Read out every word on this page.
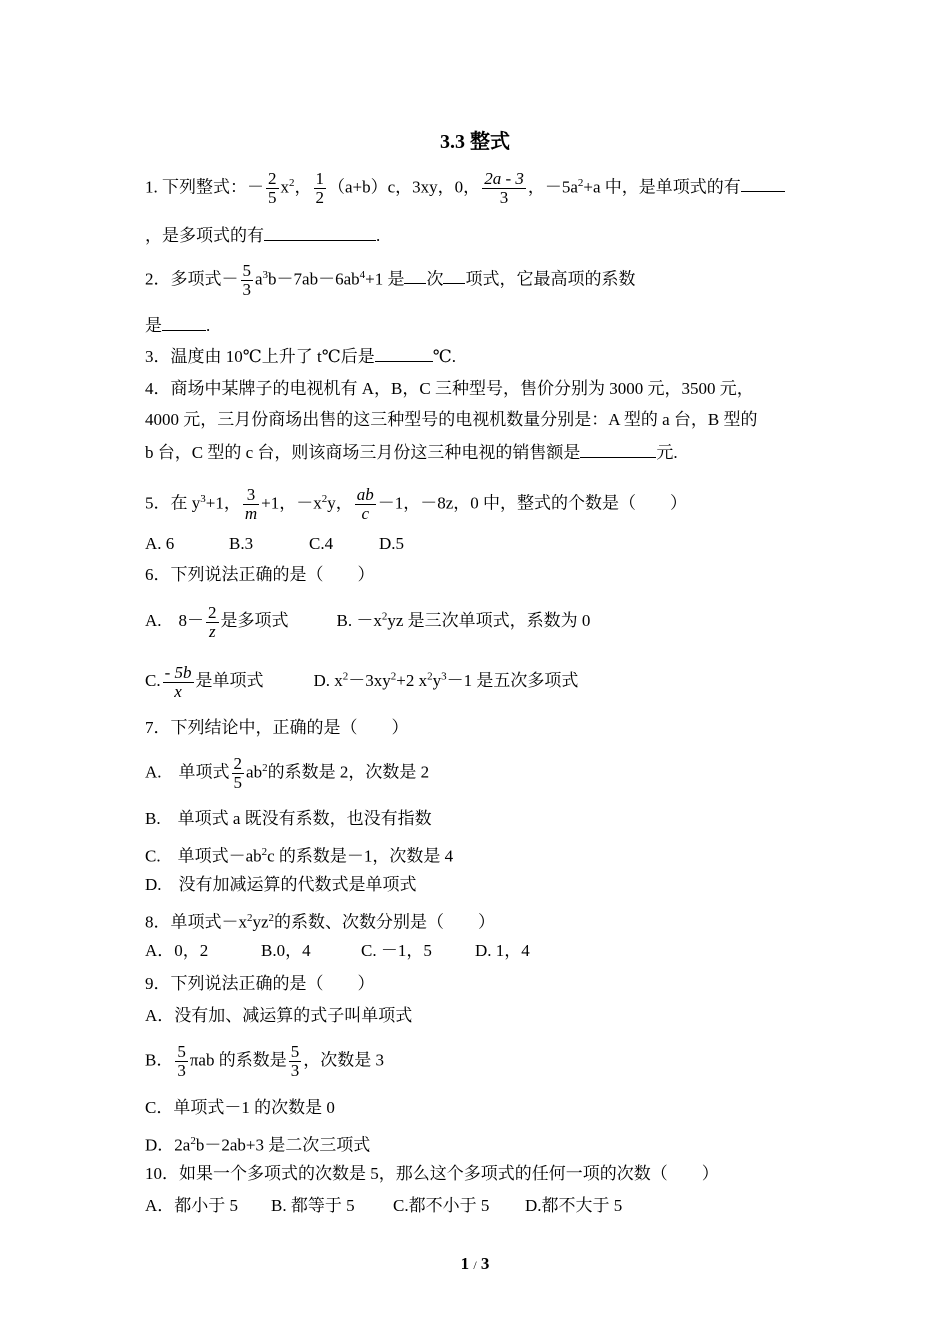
3.3 整式
1. 下列整式：－ $\frac{2}{5} x^2$， $\frac{1}{2} (a+b)c$，3xy，0， $\frac{2a - 3}{3}$ ，$-5a^2+a$ 中，是单项式的有
，是多项式的有	.
2．多项式－ $\frac{5}{3} a^3b-7ab-6ab^4+1$ 是 次 项式，它最高项的系数
是	.
3．温度由 10℃上升了 t℃后是	℃.
4．商场中某牌子的电视机有 A，B，C 三种型号，售价分别为 3000 元，3500 元，
4000 元，三月份商场出售的这三种型号的电视机数量分别是：A 型的 a 台，B 型的
b 台，C 型的 c 台，则该商场三月份这三种电视的销售额是	元.
5．在 $y^3+1$， $\frac{3}{m} +1$，$-x^2y$， $\frac{ab}{c} -1$，－8z，0 中，整式的个数是（　　）
A. 6	B.3	C.4	D.5
6．下列说法正确的是（　　）
A.　$8- \frac{2}{z}$ 是多项式	B. $-x^2yz$ 是三次单项式，系数为 0
C. $\frac{- 5b}{x}$ 是单项式	D. $x^2-3xy^2+2$ $x^2y^3-1$ 是五次多项式
7．下列结论中，正确的是（　　）
A.　单项式 $\frac{2}{5} ab^2$的系数是 2，次数是 2
B.　单项式 a 既没有系数，也没有指数
C.　单项式$-ab^2c$ 的系数是－1，次数是 4
D.　没有加减运算的代数式是单项式
8．单项式$-x^2yz^2$的系数、次数分别是（　　）
A．0，2	B.0，4	C. －1，5	D. 1，4
9．下列说法正确的是（　　）
A．没有加、减运算的式子叫单项式
B． $\frac{5}{3}$ πab 的系数是 $\frac{5}{3}$ ，次数是 3
C．单项式－1 的次数是 0
D．$2a^2b-2ab+3$ 是二次三项式
10．如果一个多项式的次数是 5，那么这个多项式的任何一项的次数（　　）
A．都小于 5 B. 都等于 5 C.都不小于 5 D.都不大于 5
1 / 3
